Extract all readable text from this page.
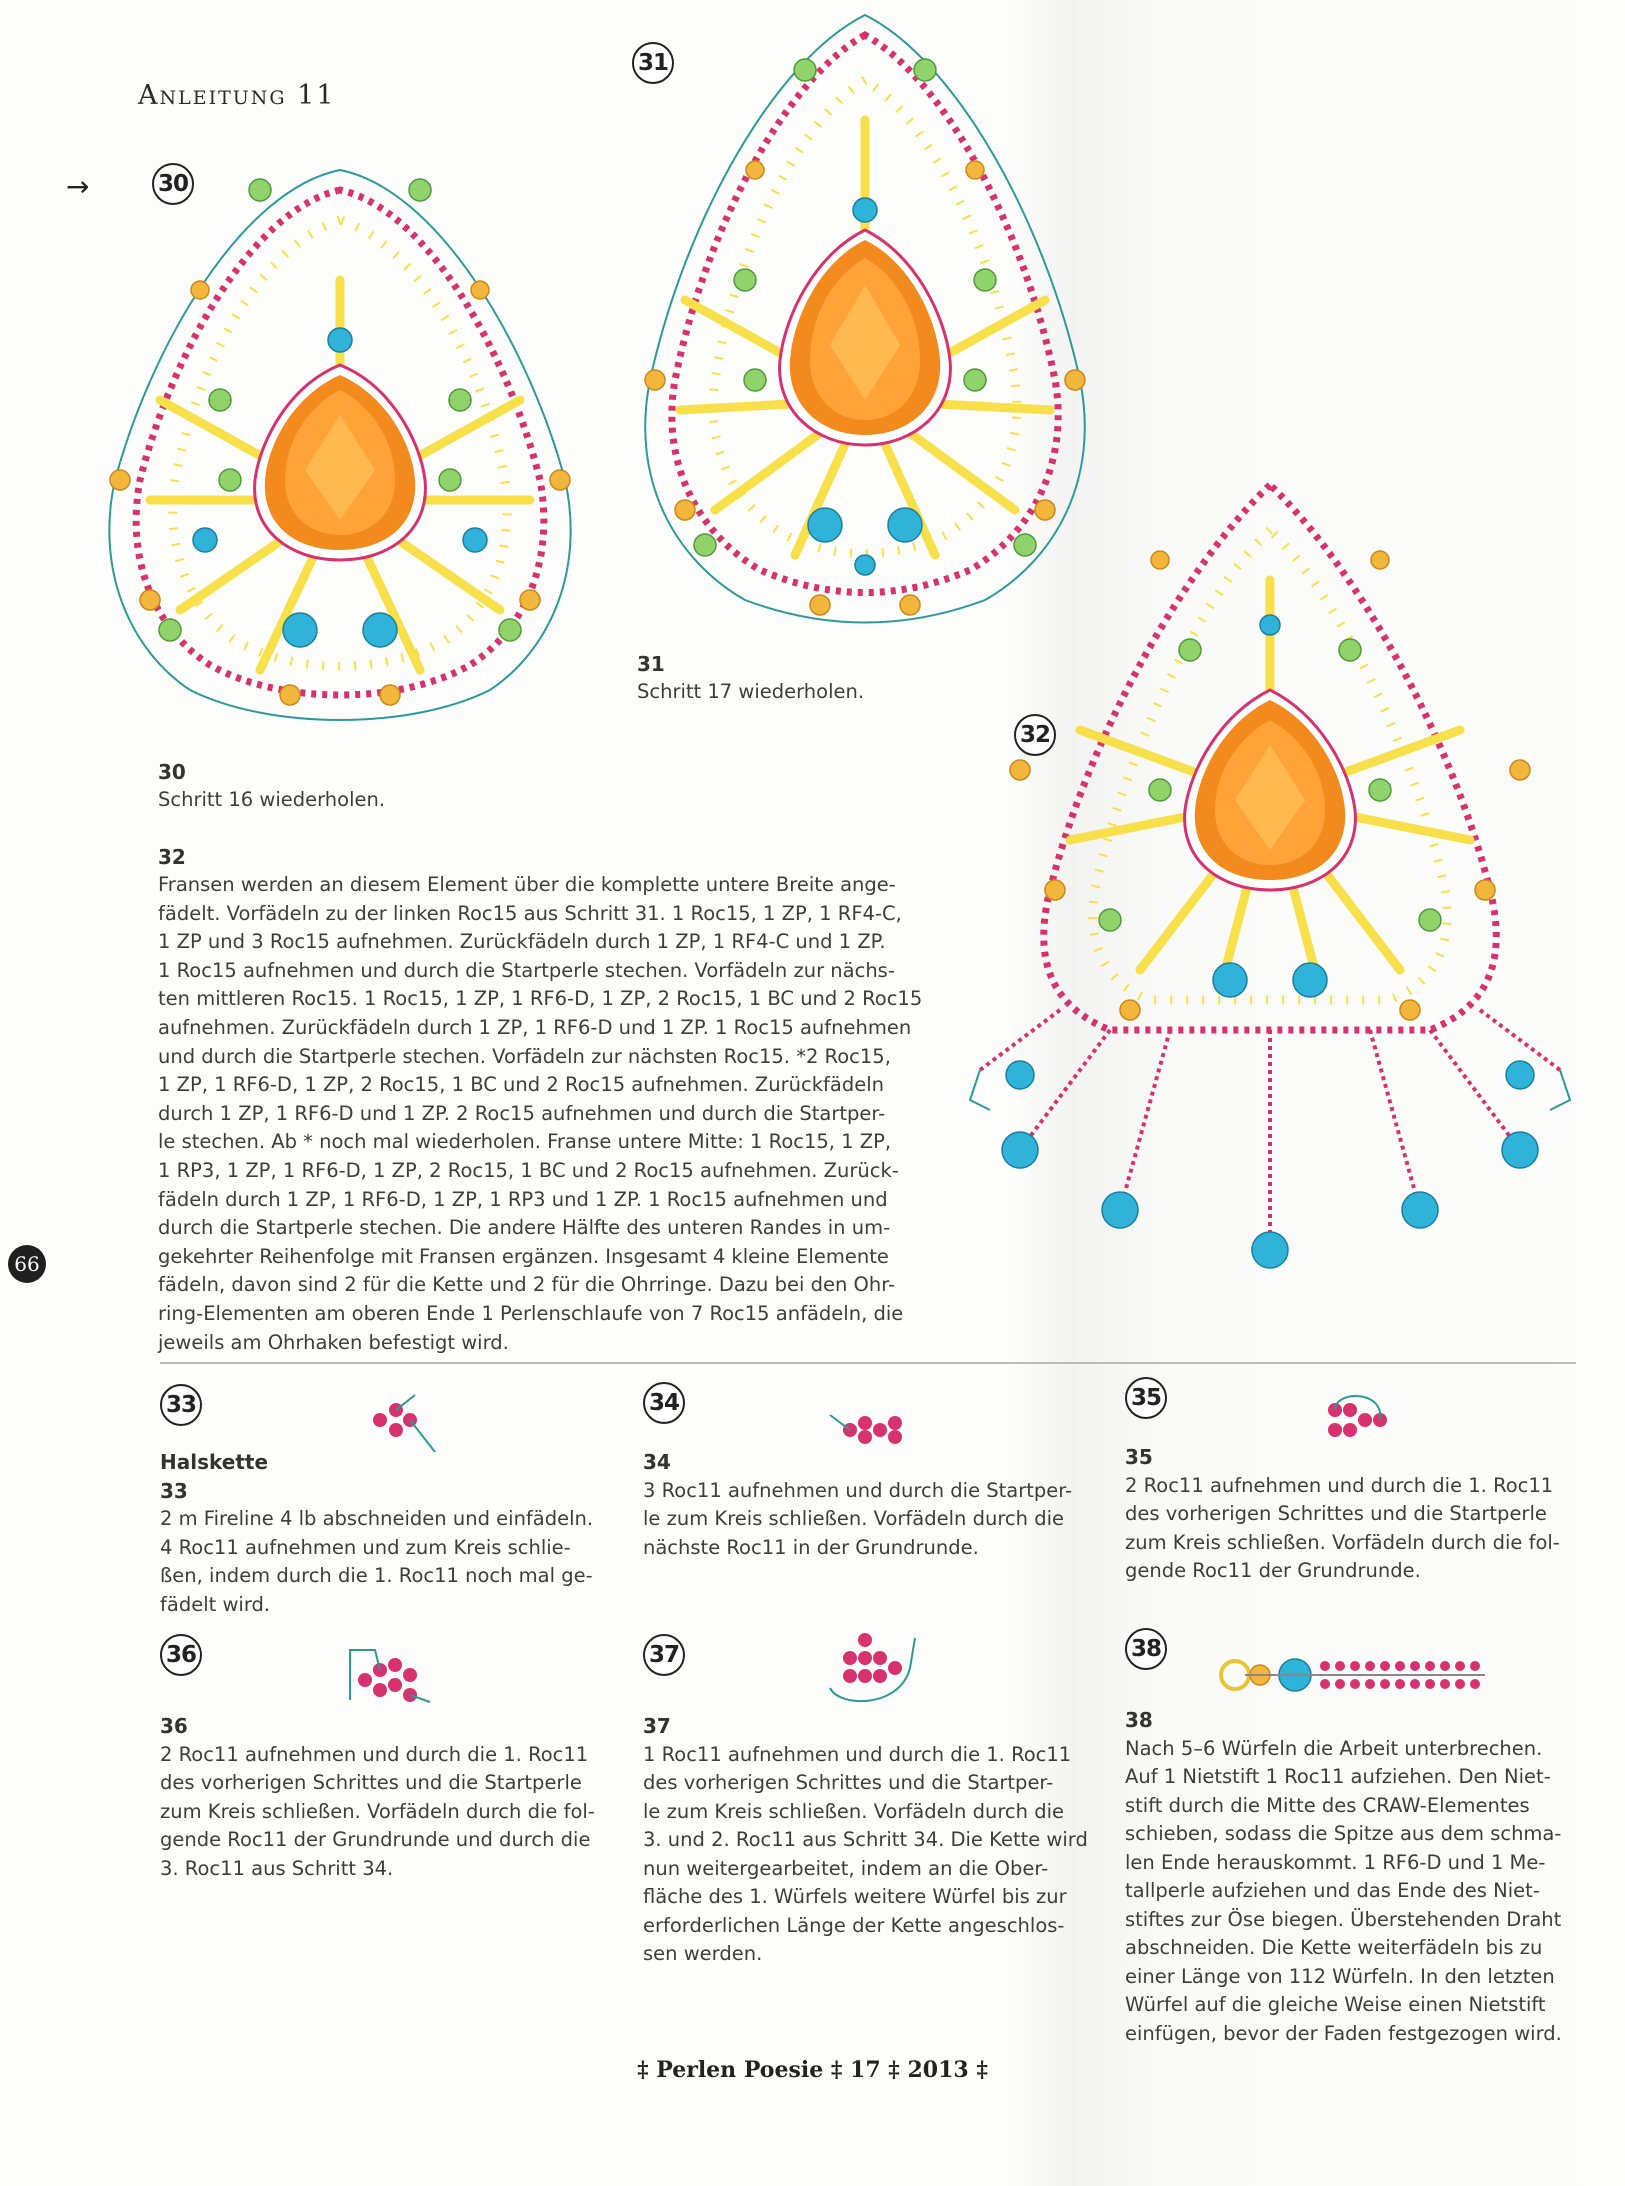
Anleitung 11
→	30
31
32
31
Schritt 17 wiederholen.
30
Schritt 16 wiederholen.
32

Fransen werden an diesem Element über die komplette untere Breite ange-

fädelt. Vorfädeln zu der linken Roc15 aus Schritt 31. 1 Roc15, 1 ZP, 1 RF4-C,

1 ZP und 3 Roc15 aufnehmen. Zurückfädeln durch 1 ZP, 1 RF4-C und 1 ZP.

1 Roc15 aufnehmen und durch die Startperle stechen. Vorfädeln zur nächs-

ten mittleren Roc15. 1 Roc15, 1 ZP, 1 RF6-D, 1 ZP, 2 Roc15, 1 BC und 2 Roc15

aufnehmen. Zurückfädeln durch 1 ZP, 1 RF6-D und 1 ZP. 1 Roc15 aufnehmen

und durch die Startperle stechen. Vorfädeln zur nächsten Roc15. *2 Roc15,

1 ZP, 1 RF6-D, 1 ZP, 2 Roc15, 1 BC und 2 Roc15 aufnehmen. Zurückfädeln

durch 1 ZP, 1 RF6-D und 1 ZP. 2 Roc15 aufnehmen und durch die Startper-

le stechen. Ab * noch mal wiederholen. Franse untere Mitte: 1 Roc15, 1 ZP,

1 RP3, 1 ZP, 1 RF6-D, 1 ZP, 2 Roc15, 1 BC und 2 Roc15 aufnehmen. Zurück-

fädeln durch 1 ZP, 1 RF6-D, 1 ZP, 1 RP3 und 1 ZP. 1 Roc15 aufnehmen und

durch die Startperle stechen. Die andere Hälfte des unteren Randes in um-

gekehrter Reihenfolge mit Fransen ergänzen. Insgesamt 4 kleine Elemente

fädeln, davon sind 2 für die Kette und 2 für die Ohrringe. Dazu bei den Ohr-

ring-Elementen am oberen Ende 1 Perlenschlaufe von 7 Roc15 anfädeln, die

jeweils am Ohrhaken befestigt wird.

66
33
Halskette
33

2 m Fireline 4 lb abschneiden und einfädeln.

4 Roc11 aufnehmen und zum Kreis schlie-

ßen, indem durch die 1. Roc11 noch mal ge-

fädelt wird.

34
34

3 Roc11 aufnehmen und durch die Startper-

le zum Kreis schließen. Vorfädeln durch die

nächste Roc11 in der Grundrunde.

35
35

2 Roc11 aufnehmen und durch die 1. Roc11

des vorherigen Schrittes und die Startperle

zum Kreis schließen. Vorfädeln durch die fol-

gende Roc11 der Grundrunde.

36
36

2 Roc11 aufnehmen und durch die 1. Roc11

des vorherigen Schrittes und die Startperle

zum Kreis schließen. Vorfädeln durch die fol-

gende Roc11 der Grundrunde und durch die

3. Roc11 aus Schritt 34.

37
37

1 Roc11 aufnehmen und durch die 1. Roc11

des vorherigen Schrittes und die Startper-

le zum Kreis schließen. Vorfädeln durch die

3. und 2. Roc11 aus Schritt 34. Die Kette wird

nun weitergearbeitet, indem an die Ober-

fläche des 1. Würfels weitere Würfel bis zur

erforderlichen Länge der Kette angeschlos-

sen werden.

38
38

Nach 5–6 Würfeln die Arbeit unterbrechen.

Auf 1 Nietstift 1 Roc11 aufziehen. Den Niet-

stift durch die Mitte des CRAW-Elementes

schieben, sodass die Spitze aus dem schma-

len Ende herauskommt. 1 RF6-D und 1 Me-

tallperle aufziehen und das Ende des Niet-

stiftes zur Öse biegen. Überstehenden Draht

abschneiden. Die Kette weiterfädeln bis zu

einer Länge von 112 Würfeln. In den letzten

Würfel auf die gleiche Weise einen Nietstift

einfügen, bevor der Faden festgezogen wird.

‡ Perlen Poesie ‡ 17 ‡ 2013 ‡
